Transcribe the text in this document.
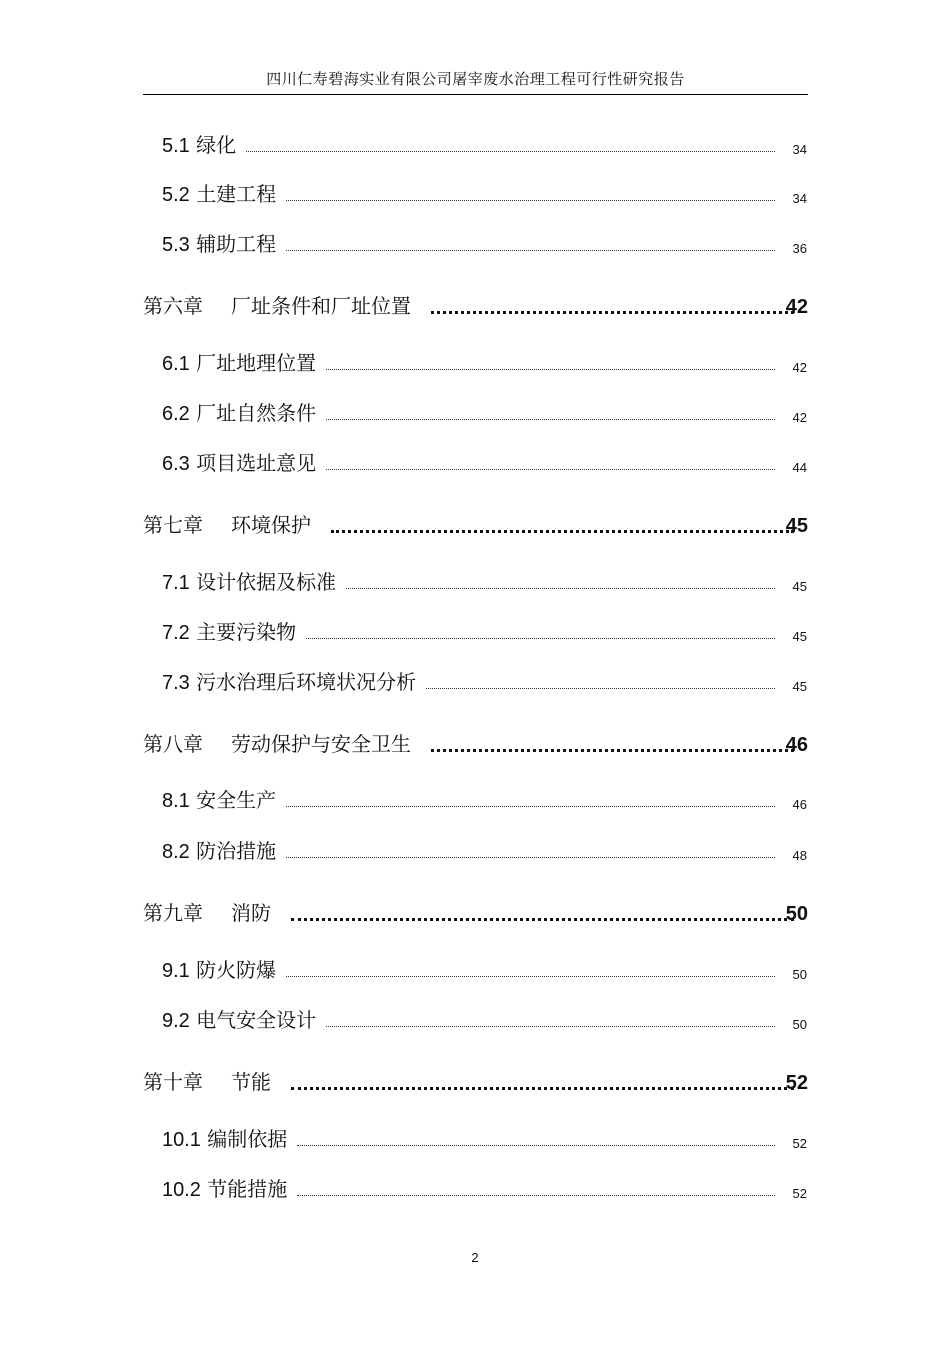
四川仁寿碧海实业有限公司屠宰废水治理工程可行性研究报告
5.1 绿化	34
5.2 土建工程	34
5.3 辅助工程	36
第六章 厂址条件和厂址位置	42
6.1 厂址地理位置	42
6.2 厂址自然条件	42
6.3 项目选址意见	44
第七章 环境保护	45
7.1 设计依据及标准	45
7.2 主要污染物	45
7.3 污水治理后环境状况分析	45
第八章 劳动保护与安全卫生	46
8.1 安全生产	46
8.2 防治措施	48
第九章 消防	50
9.1 防火防爆	50
9.2 电气安全设计	50
第十章 节能	52
10.1 编制依据	52
10.2 节能措施	52
2
